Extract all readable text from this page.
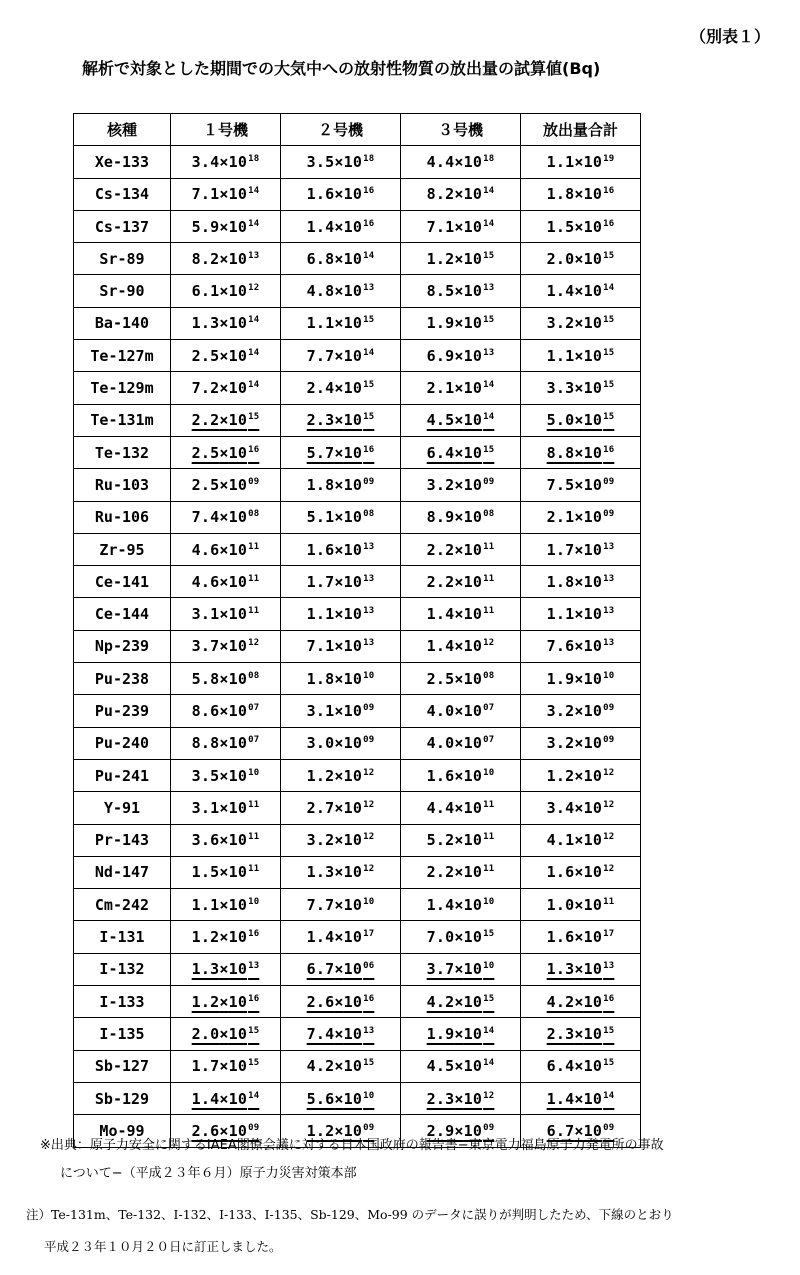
（別表１）
解析で対象とした期間での大気中への放射性物質の放出量の試算値(Bq)
核種	１号機	２号機	３号機	放出量合計
Xe-133	$3.4\times 10^{18}$	$3.5\times 10^{18}$	$4.4\times 10^{18}$	$1.1\times 10^{19}$
Cs-134	$7.1\times 10^{14}$	$1.6\times 10^{16}$	$8.2\times 10^{14}$	$1.8\times 10^{16}$
Cs-137	$5.9\times 10^{14}$	$1.4\times 10^{16}$	$7.1\times 10^{14}$	$1.5\times 10^{16}$
Sr-89	$8.2\times 10^{13}$	$6.8\times 10^{14}$	$1.2\times 10^{15}$	$2.0\times 10^{15}$
Sr-90	$6.1\times 10^{12}$	$4.8\times 10^{13}$	$8.5\times 10^{13}$	$1.4\times 10^{14}$
Ba-140	$1.3\times 10^{14}$	$1.1\times 10^{15}$	$1.9\times 10^{15}$	$3.2\times 10^{15}$
Te-127m	$2.5\times 10^{14}$	$7.7\times 10^{14}$	$6.9\times 10^{13}$	$1.1\times 10^{15}$
Te-129m	$7.2\times 10^{14}$	$2.4\times 10^{15}$	$2.1\times 10^{14}$	$3.3\times 10^{15}$
Te-131m	$2.2\times 10^{15}$	$2.3\times 10^{15}$	$4.5\times 10^{14}$	$5.0\times 10^{15}$
Te-132	$2.5\times 10^{16}$	$5.7\times 10^{16}$	$6.4\times 10^{15}$	$8.8\times 10^{16}$
Ru-103	$2.5\times 10^{09}$	$1.8\times 10^{09}$	$3.2\times 10^{09}$	$7.5\times 10^{09}$
Ru-106	$7.4\times 10^{08}$	$5.1\times 10^{08}$	$8.9\times 10^{08}$	$2.1\times 10^{09}$
Zr-95	$4.6\times 10^{11}$	$1.6\times 10^{13}$	$2.2\times 10^{11}$	$1.7\times 10^{13}$
Ce-141	$4.6\times 10^{11}$	$1.7\times 10^{13}$	$2.2\times 10^{11}$	$1.8\times 10^{13}$
Ce-144	$3.1\times 10^{11}$	$1.1\times 10^{13}$	$1.4\times 10^{11}$	$1.1\times 10^{13}$
Np-239	$3.7\times 10^{12}$	$7.1\times 10^{13}$	$1.4\times 10^{12}$	$7.6\times 10^{13}$
Pu-238	$5.8\times 10^{08}$	$1.8\times 10^{10}$	$2.5\times 10^{08}$	$1.9\times 10^{10}$
Pu-239	$8.6\times 10^{07}$	$3.1\times 10^{09}$	$4.0\times 10^{07}$	$3.2\times 10^{09}$
Pu-240	$8.8\times 10^{07}$	$3.0\times 10^{09}$	$4.0\times 10^{07}$	$3.2\times 10^{09}$
Pu-241	$3.5\times 10^{10}$	$1.2\times 10^{12}$	$1.6\times 10^{10}$	$1.2\times 10^{12}$
Y-91	$3.1\times 10^{11}$	$2.7\times 10^{12}$	$4.4\times 10^{11}$	$3.4\times 10^{12}$
Pr-143	$3.6\times 10^{11}$	$3.2\times 10^{12}$	$5.2\times 10^{11}$	$4.1\times 10^{12}$
Nd-147	$1.5\times 10^{11}$	$1.3\times 10^{12}$	$2.2\times 10^{11}$	$1.6\times 10^{12}$
Cm-242	$1.1\times 10^{10}$	$7.7\times 10^{10}$	$1.4\times 10^{10}$	$1.0\times 10^{11}$
I-131	$1.2\times 10^{16}$	$1.4\times 10^{17}$	$7.0\times 10^{15}$	$1.6\times 10^{17}$
I-132	$1.3\times 10^{13}$	$6.7\times 10^{06}$	$3.7\times 10^{10}$	$1.3\times 10^{13}$
I-133	$1.2\times 10^{16}$	$2.6\times 10^{16}$	$4.2\times 10^{15}$	$4.2\times 10^{16}$
I-135	$2.0\times 10^{15}$	$7.4\times 10^{13}$	$1.9\times 10^{14}$	$2.3\times 10^{15}$
Sb-127	$1.7\times 10^{15}$	$4.2\times 10^{15}$	$4.5\times 10^{14}$	$6.4\times 10^{15}$
Sb-129	$1.4\times 10^{14}$	$5.6\times 10^{10}$	$2.3\times 10^{12}$	$1.4\times 10^{14}$
Mo-99	$2.6\times 10^{09}$	$1.2\times 10^{09}$	$2.9\times 10^{09}$	$6.7\times 10^{09}$
※出典：原子力安全に関するIAEA閣僚会議に対する日本国政府の報告書−東京電力福島原子力発電所の事故
について−（平成２３年６月）原子力災害対策本部
注）Te-131m、Te-132、I-132、I-133、I-135、Sb-129、Mo-99 のデータに誤りが判明したため、下線のとおり
平成２３年１０月２０日に訂正しました。
